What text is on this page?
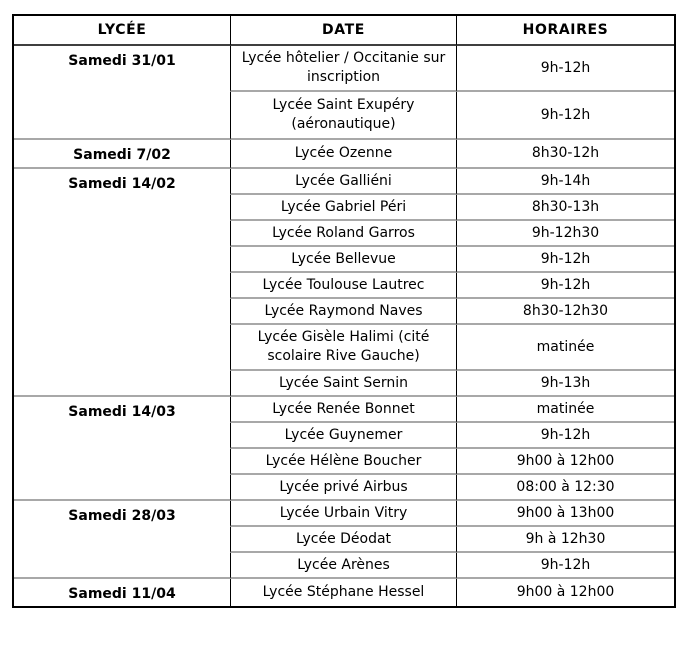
LYCÉE	DATE	HORAIRES
Samedi 31/01	Lycée hôtelier / Occitanie sur inscription	9h-12h
	Lycée Saint Exupéry (aéronautique)	9h-12h
Samedi 7/02	Lycée Ozenne	8h30-12h
Samedi 14/02	Lycée Galliéni	9h-14h
	Lycée Gabriel Péri	8h30-13h
	Lycée Roland Garros	9h-12h30
	Lycée Bellevue	9h-12h
	Lycée Toulouse Lautrec	9h-12h
	Lycée Raymond Naves	8h30-12h30
	Lycée Gisèle Halimi (cité scolaire Rive Gauche)	matinée
	Lycée Saint Sernin	9h-13h
Samedi 14/03	Lycée Renée Bonnet	matinée
	Lycée Guynemer	9h-12h
	Lycée Hélène Boucher	9h00 à 12h00
	Lycée privé Airbus	08:00 à 12:30
Samedi 28/03	Lycée Urbain Vitry	9h00 à 13h00
	Lycée Déodat	9h à 12h30
	Lycée Arènes	9h-12h
Samedi 11/04	Lycée Stéphane Hessel	9h00 à 12h00
